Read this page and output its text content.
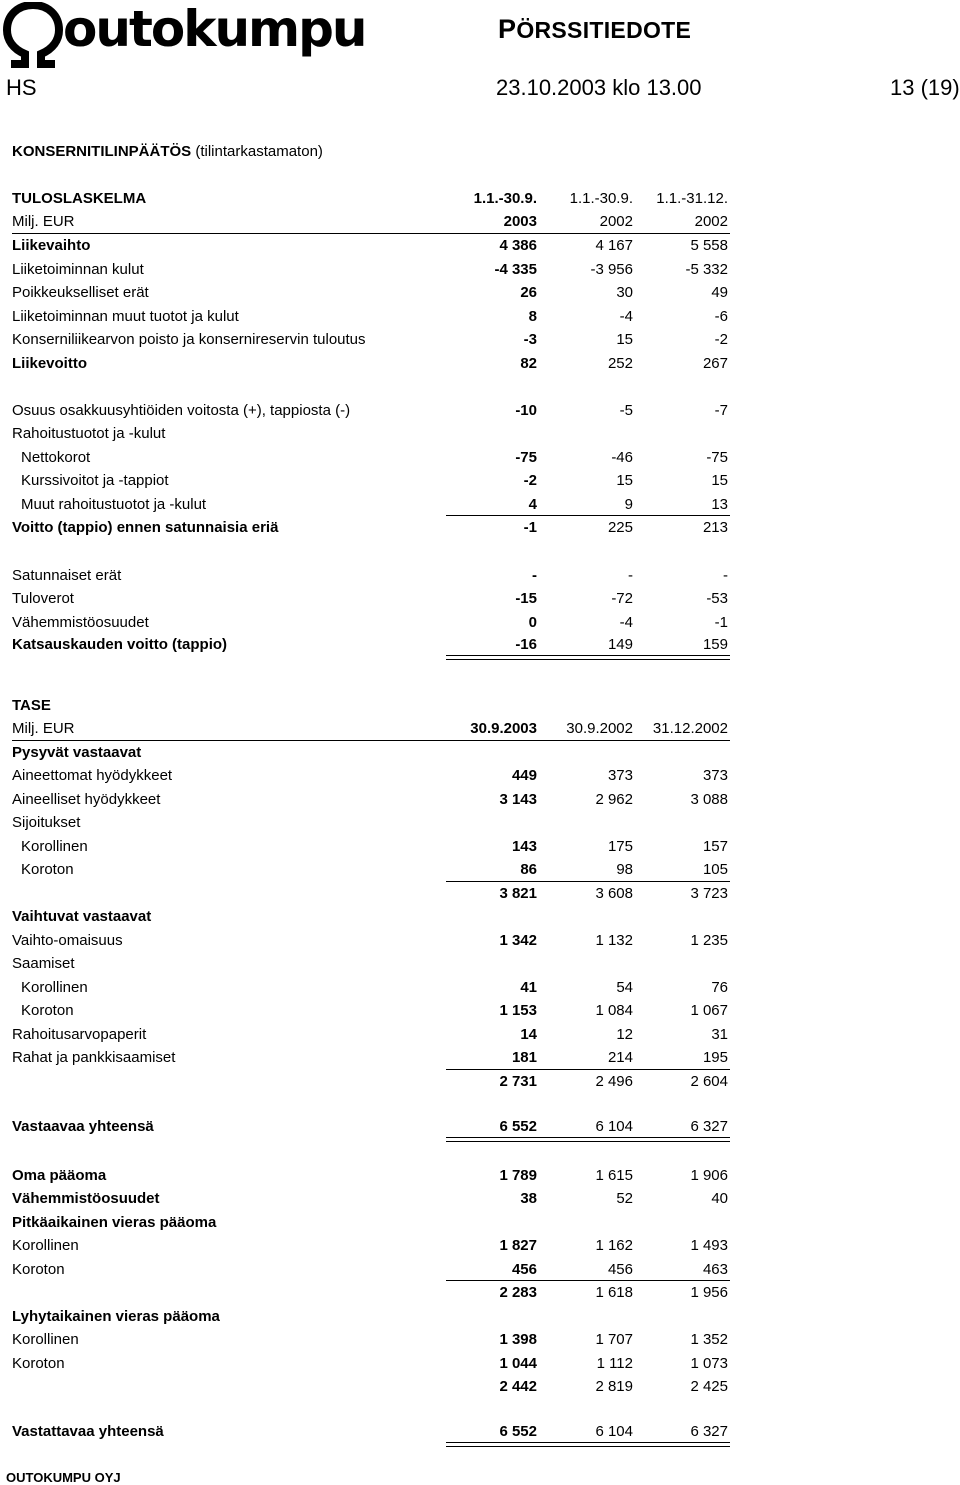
outokumpu	PÖRSSITIEDOTE
HS	23.10.2003 klo 13.00	13 (19)
KONSERNITILINPÄÄTÖS (tilintarkastamaton)
TULOSLASKELMA	1.1.-30.9.	1.1.-30.9.	1.1.-31.12.
Milj. EUR	2003	2002	2002
Liikevaihto	4 386	4 167	5 558
Liiketoiminnan kulut	-4 335	-3 956	-5 332
Poikkeukselliset erät	26	30	49
Liiketoiminnan muut tuotot ja kulut	8	-4	-6
Konserniliikearvon poisto ja konsernireservin tuloutus	-3	15	-2
Liikevoitto	82	252	267
Osuus osakkuusyhtiöiden voitosta (+), tappiosta (-)	-10	-5	-7
Rahoitustuotot ja -kulut
Nettokorot	-75	-46	-75
Kurssivoitot ja -tappiot	-2	15	15
Muut rahoitustuotot ja -kulut	4	9	13
Voitto (tappio) ennen satunnaisia eriä	-1	225	213
Satunnaiset erät	-	-	-
Tuloverot	-15	-72	-53
Vähemmistöosuudet	0	-4	-1
Katsauskauden voitto (tappio)	-16	149	159
TASE
Milj. EUR	30.9.2003	30.9.2002	31.12.2002
Pysyvät vastaavat
Aineettomat hyödykkeet	449	373	373
Aineelliset hyödykkeet	3 143	2 962	3 088
Sijoitukset
Korollinen	143	175	157
Koroton	86	98	105
3 821	3 608	3 723
Vaihtuvat vastaavat
Vaihto-omaisuus	1 342	1 132	1 235
Saamiset
Korollinen	41	54	76
Koroton	1 153	1 084	1 067
Rahoitusarvopaperit	14	12	31
Rahat ja pankkisaamiset	181	214	195
2 731	2 496	2 604
Vastaavaa yhteensä	6 552	6 104	6 327
Oma pääoma	1 789	1 615	1 906
Vähemmistöosuudet	38	52	40
Pitkäaikainen vieras pääoma
Korollinen	1 827	1 162	1 493
Koroton	456	456	463
2 283	1 618	1 956
Lyhytaikainen vieras pääoma
Korollinen	1 398	1 707	1 352
Koroton	1 044	1 112	1 073
2 442	2 819	2 425
Vastattavaa yhteensä	6 552	6 104	6 327
OUTOKUMPU OYJ
